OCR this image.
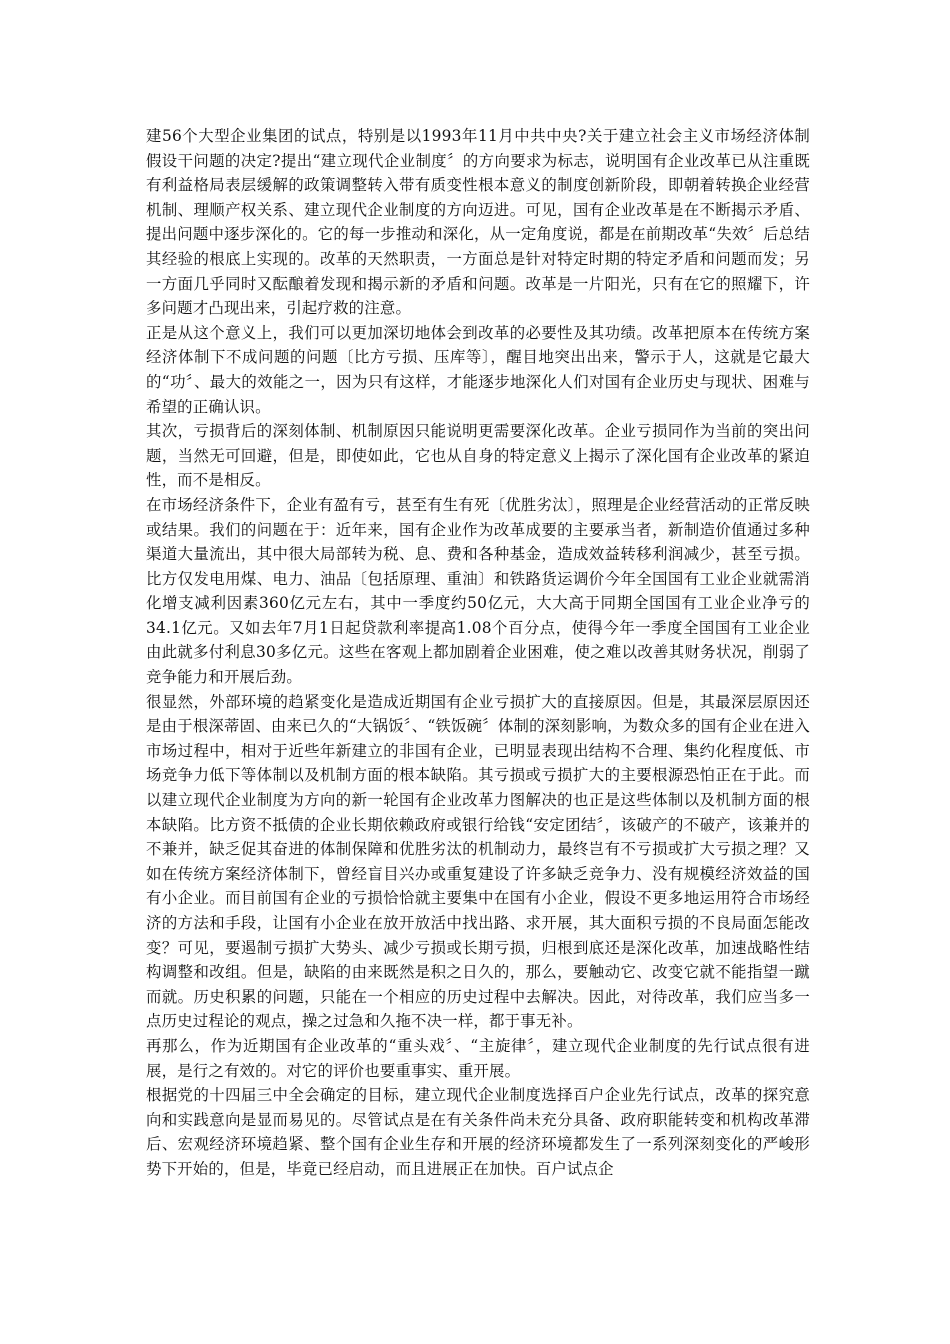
建56个大型企业集团的试点，特别是以1993年11月中共中央?关于建立社会主义市场经济体制假设干问题的决定?提出“建立现代企业制度〞的方向要求为标志，说明国有企业改革已从注重既有利益格局表层缓解的政策调整转入带有质变性根本意义的制度创新阶段，即朝着转换企业经营机制、理顺产权关系、建立现代企业制度的方向迈进。可见，国有企业改革是在不断揭示矛盾、提出问题中逐步深化的。它的每一步推动和深化，从一定角度说，都是在前期改革“失效〞后总结其经验的根底上实现的。改革的天然职责，一方面总是针对特定时期的特定矛盾和问题而发；另一方面几乎同时又酝酿着发现和揭示新的矛盾和问题。改革是一片阳光，只有在它的照耀下，许多问题才凸现出来，引起疗救的注意。

正是从这个意义上，我们可以更加深切地体会到改革的必要性及其功绩。改革把原本在传统方案经济体制下不成问题的问题〔比方亏损、压库等〕，醒目地突出出来，警示于人，这就是它最大的“功〞、最大的效能之一，因为只有这样，才能逐步地深化人们对国有企业历史与现状、困难与希望的正确认识。

其次，亏损背后的深刻体制、机制原因只能说明更需要深化改革。企业亏损同作为当前的突出问题，当然无可回避，但是，即使如此，它也从自身的特定意义上揭示了深化国有企业改革的紧迫性，而不是相反。

在市场经济条件下，企业有盈有亏，甚至有生有死〔优胜劣汰〕，照理是企业经营活动的正常反映或结果。我们的问题在于：近年来，国有企业作为改革成要的主要承当者，新制造价值通过多种渠道大量流出，其中很大局部转为税、息、费和各种基金，造成效益转移利润减少，甚至亏损。比方仅发电用煤、电力、油品〔包括原理、重油〕和铁路货运调价今年全国国有工业企业就需消化增支减利因素360亿元左右，其中一季度约50亿元，大大高于同期全国国有工业企业净亏的34.1亿元。又如去年7月1日起贷款利率提高1.08个百分点，使得今年一季度全国国有工业企业由此就多付利息30多亿元。这些在客观上都加剧着企业困难，使之难以改善其财务状况，削弱了竞争能力和开展后劲。

很显然，外部环境的趋紧变化是造成近期国有企业亏损扩大的直接原因。但是，其最深层原因还是由于根深蒂固、由来已久的“大锅饭〞、“铁饭碗〞体制的深刻影响，为数众多的国有企业在进入市场过程中，相对于近些年新建立的非国有企业，已明显表现出结构不合理、集约化程度低、市场竞争力低下等体制以及机制方面的根本缺陷。其亏损或亏损扩大的主要根源恐怕正在于此。而以建立现代企业制度为方向的新一轮国有企业改革力图解决的也正是这些体制以及机制方面的根本缺陷。比方资不抵债的企业长期依赖政府或银行给钱“安定团结〞，该破产的不破产，该兼并的不兼并，缺乏促其奋进的体制保障和优胜劣汰的机制动力，最终岂有不亏损或扩大亏损之理？又如在传统方案经济体制下，曾经盲目兴办或重复建设了许多缺乏竞争力、没有规模经济效益的国有小企业。而目前国有企业的亏损恰恰就主要集中在国有小企业，假设不更多地运用符合市场经济的方法和手段，让国有小企业在放开放活中找出路、求开展，其大面积亏损的不良局面怎能改变？可见，要遏制亏损扩大势头、减少亏损或长期亏损，归根到底还是深化改革，加速战略性结构调整和改组。但是，缺陷的由来既然是积之日久的，那么，要触动它、改变它就不能指望一蹴而就。历史积累的问题，只能在一个相应的历史过程中去解决。因此，对待改革，我们应当多一点历史过程论的观点，操之过急和久拖不决一样，都于事无补。

再那么，作为近期国有企业改革的“重头戏〞、“主旋律〞，建立现代企业制度的先行试点很有进展，是行之有效的。对它的评价也要重事实、重开展。

根据党的十四届三中全会确定的目标，建立现代企业制度选择百户企业先行试点，改革的探究意向和实践意向是显而易见的。尽管试点是在有关条件尚未充分具备、政府职能转变和机构改革滞后、宏观经济环境趋紧、整个国有企业生存和开展的经济环境都发生了一系列深刻变化的严峻形势下开始的，但是，毕竟已经启动，而且进展正在加快。百户试点企
